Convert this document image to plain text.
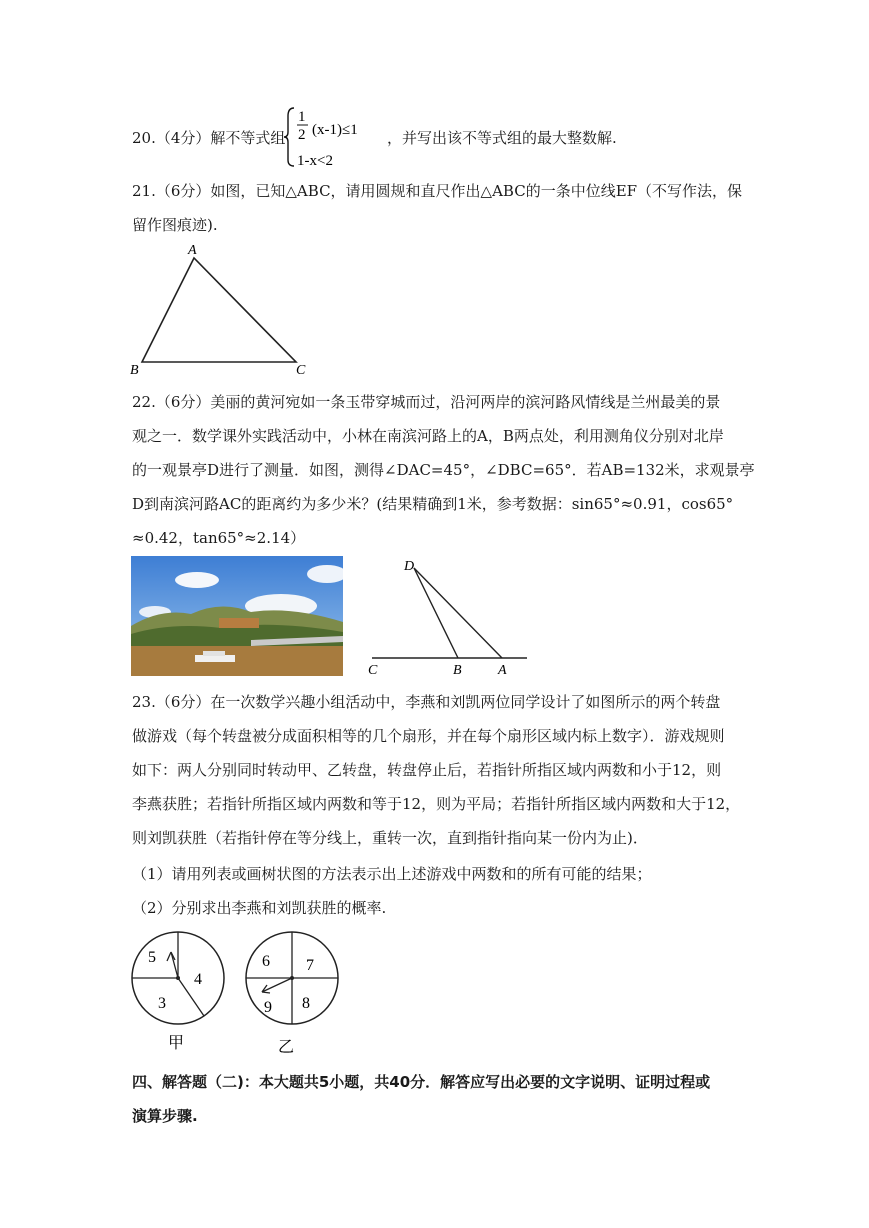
20.（4分）解不等式组
1
2 (x-1)≤1
1-x<2
，并写出该不等式组的最大整数解.
21.（6分）如图，已知△ABC，请用圆规和直尺作出△ABC的一条中位线EF（不写作法，保
留作图痕迹).
A
B	C
22.（6分）美丽的黄河宛如一条玉带穿城而过，沿河两岸的滨河路风情线是兰州最美的景
观之一．数学课外实践活动中，小林在南滨河路上的A，B两点处，利用测角仪分别对北岸
的一观景亭D进行了测量．如图，测得∠DAC=45°，∠DBC=65°．若AB=132米，求观景亭
D到南滨河路AC的距离约为多少米？(结果精确到1米，参考数据：sin65°≈0.91，cos65°
≈0.42，tan65°≈2.14）
D
C	B	A
23.（6分）在一次数学兴趣小组活动中，李燕和刘凯两位同学设计了如图所示的两个转盘
做游戏（每个转盘被分成面积相等的几个扇形，并在每个扇形区域内标上数字）．游戏规则
如下：两人分别同时转动甲、乙转盘，转盘停止后，若指针所指区域内两数和小于12，则
李燕获胜；若指针所指区域内两数和等于12，则为平局；若指针所指区域内两数和大于12，
则刘凯获胜（若指针停在等分线上，重转一次，直到指针指向某一份内为止)．
（1）请用列表或画树状图的方法表示出上述游戏中两数和的所有可能的结果；
（2）分别求出李燕和刘凯获胜的概率.
5
4
3
甲
6 7
9 8
乙
四、解答题（二)：本大题共5小题，共40分．解答应写出必要的文字说明、证明过程或
演算步骤.
